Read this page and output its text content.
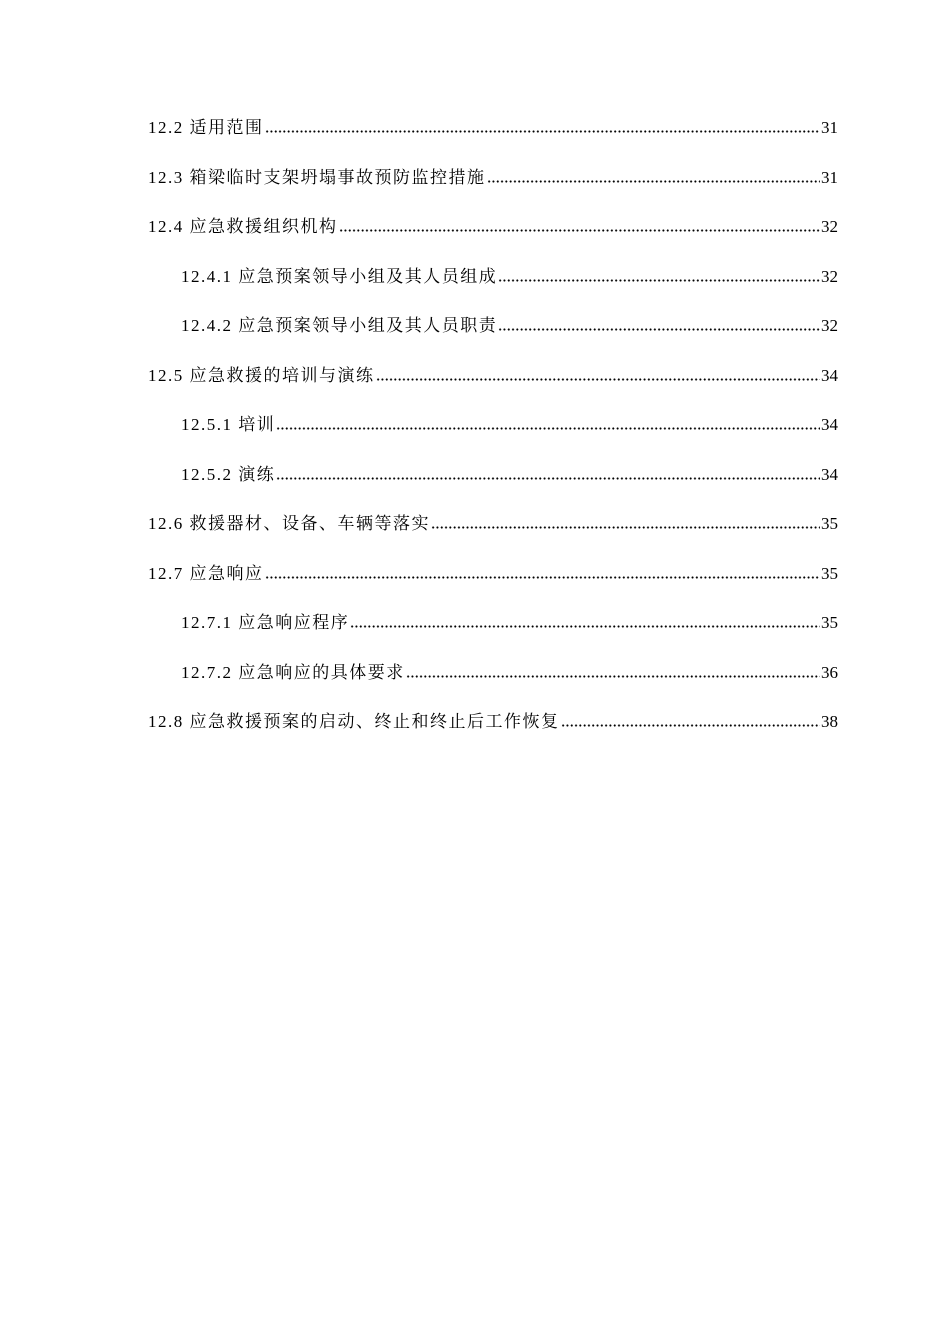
12.2 适用范围	31
12.3 箱梁临时支架坍塌事故预防监控措施	31
12.4 应急救援组织机构	32
12.4.1 应急预案领导小组及其人员组成	32
12.4.2 应急预案领导小组及其人员职责	32
12.5 应急救援的培训与演练	34
12.5.1 培训	34
12.5.2 演练	34
12.6 救援器材、设备、车辆等落实	35
12.7 应急响应	35
12.7.1 应急响应程序	35
12.7.2 应急响应的具体要求	36
12.8 应急救援预案的启动、终止和终止后工作恢复	38
